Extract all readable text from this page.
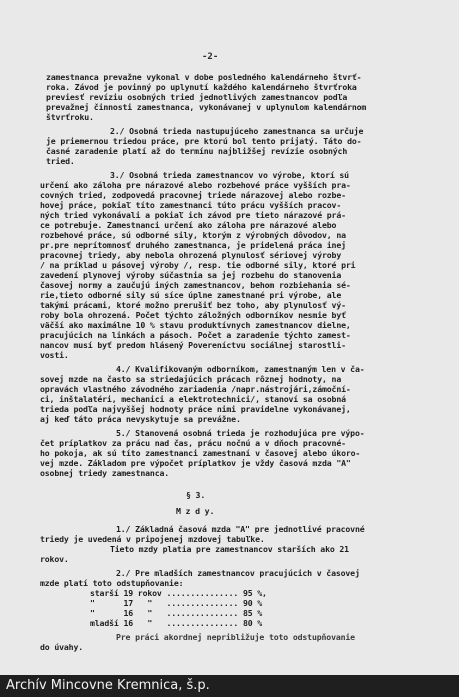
-2-
zamestnanca prevažne vykonal v dobe posledného kalendárneho štvrť-
roka. Závod je povinný po uplynutí každého kalendárneho štvrťroka
previesť revíziu osobných tried jednotlivých zamestnancov podľa
prevažnej činnosti zamestnanca, vykonávanej v uplynulom kalendárnom
štvrťroku.
2./ Osobná trieda nastupujúceho zamestnanca sa určuje
je priemernou triedou práce, pre ktorú bol tento prijatý. Táto do-
časné zaradenie platí až do termínu najbližšej revízie osobných
tried.
3./ Osobná trieda zamestnancov vo výrobe, ktorí sú
určení ako záloha pre nárazové alebo rozbehové práce vyšších pra-
covných tried, zodpovedá pracovnej triede nárazovej alebo rozbe-
hovej práce, pokiaľ títo zamestnanci túto prácu vyšších pracov-
ných tried vykonávali a pokiaľ ich závod pre tieto nárazové prá-
ce potrebuje. Zamestnanci určení ako záloha pre nárazové alebo
rozbehové práce, sú odborné sily, ktorým z výrobných dôvodov, na
pr.pre neprítomnosť druhého zamestnanca, je pridelená práca inej
pracovnej triedy, aby nebola ohrozená plynulosť sériovej výroby
/ na príklad u pásovej výroby /, resp. tie odborné sily, ktoré pri
zavedení plynovej výroby súčastnia sa jej rozbehu do stanovenia
časovej normy a zaučujú iných zamestnancov, behom rozbiehania sé-
rie,tieto odborné sily sú síce úplne zamestnané pri výrobe, ale
takými prácami, ktoré možno prerušiť bez toho, aby plynulosť vý-
roby bola ohrozená. Počet týchto záložných odborníkov nesmie byť
väčší ako maximálne 10 % stavu produktívnych zamestnancov dielne,
pracujúcich na linkách a pásoch. Počet a zaradenie týchto zamest-
nancov musí byť predom hlásený Povereníctvu sociálnej starostli-
vosti.
4./ Kvalifikovaným odborníkom, zamestnaným len v ča-
sovej mzde na často sa striedajúcich prácach rôznej hodnoty, na
opravách vlastného závodného zariadenia /napr.nástrojári,zámoční-
ci, inštalatéri, mechanici a elektrotechnici/, stanoví sa osobná
trieda podľa najvyššej hodnoty práce nimi pravidelne vykonávanej,
aj keď táto práca nevyskytuje sa prevážne.
5./ Stanovená osobná trieda je rozhodujúca pre výpo-
čet príplatkov za prácu nad čas, prácu nočnú a v dňoch pracovné-
ho pokoja, ak sú títo zamestnanci zamestnaní v časovej alebo úkoro-
vej mzde. Základom pre výpočet príplatkov je vždy časová mzda "A"
osobnej triedy zamestnanca.
§ 3.
M z d y.
1./ Základná časová mzda "A" pre jednotlivé pracovné
triedy je uvedená v pripojenej mzdovej tabuľke.
Tieto mzdy platia pre zamestnancov starších ako 21
rokov.
2./ Pre mladších zamestnancov pracujúcich v časovej
mzde platí toto odstupňovanie:
starší 19 rokov ............... 95 %,
"      17   "   ............... 90 %
"      16   "   ............... 85 %
mladší 16   "   ............... 80 %
Pre práci akordnej nepribližuje toto odstupňovanie
do úvahy.
Archív Mincovne Kremnica, š.p.
